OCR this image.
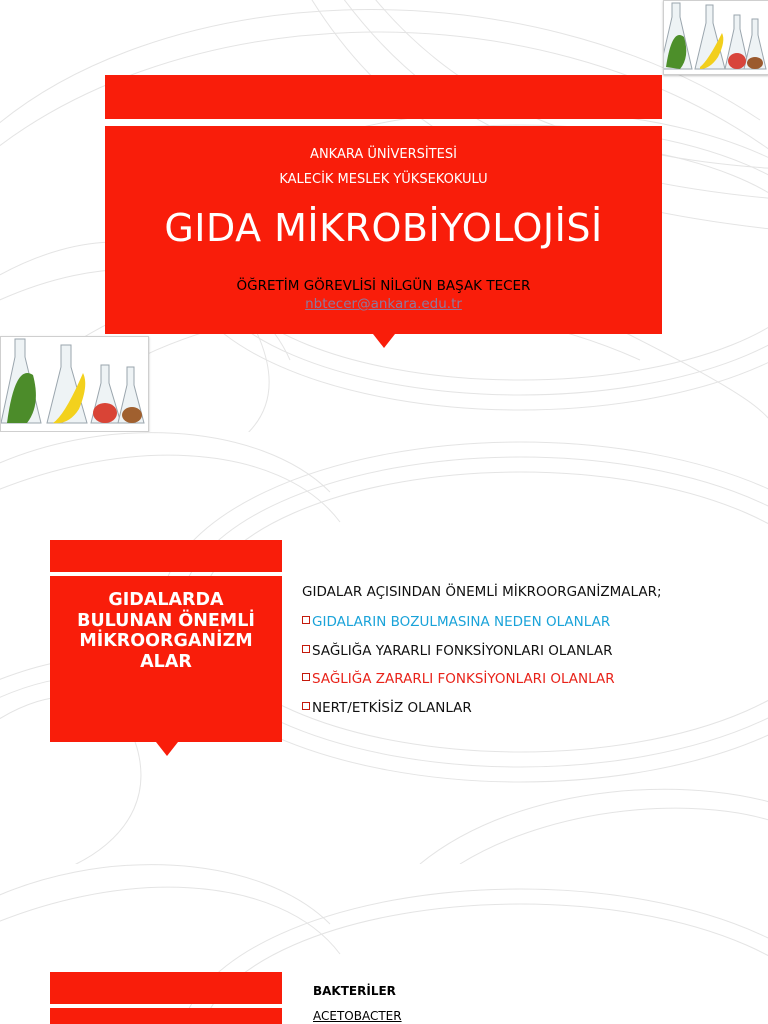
ANKARA ÜNİVERSİTESİ

KALECİK MESLEK YÜKSEKOKULU

GIDA MİKROBİYOLOJİSİ

ÖĞRETİM GÖREVLİSİ NİLGÜN BAŞAK TECER

nbtecer@ankara.edu.tr

GIDALARDA
BULUNAN ÖNEMLİ
MİKROORGANİZM
ALAR
GIDALAR AÇISINDAN ÖNEMLİ MİKROORGANİZMALAR;
GIDALARIN BOZULMASINA NEDEN OLANLAR
SAĞLIĞA YARARLI FONKSİYONLARI OLANLAR
SAĞLIĞA ZARARLI FONKSİYONLARI OLANLAR
NERT/ETKİSİZ OLANLAR
BAKTERİLER
ACETOBACTER
